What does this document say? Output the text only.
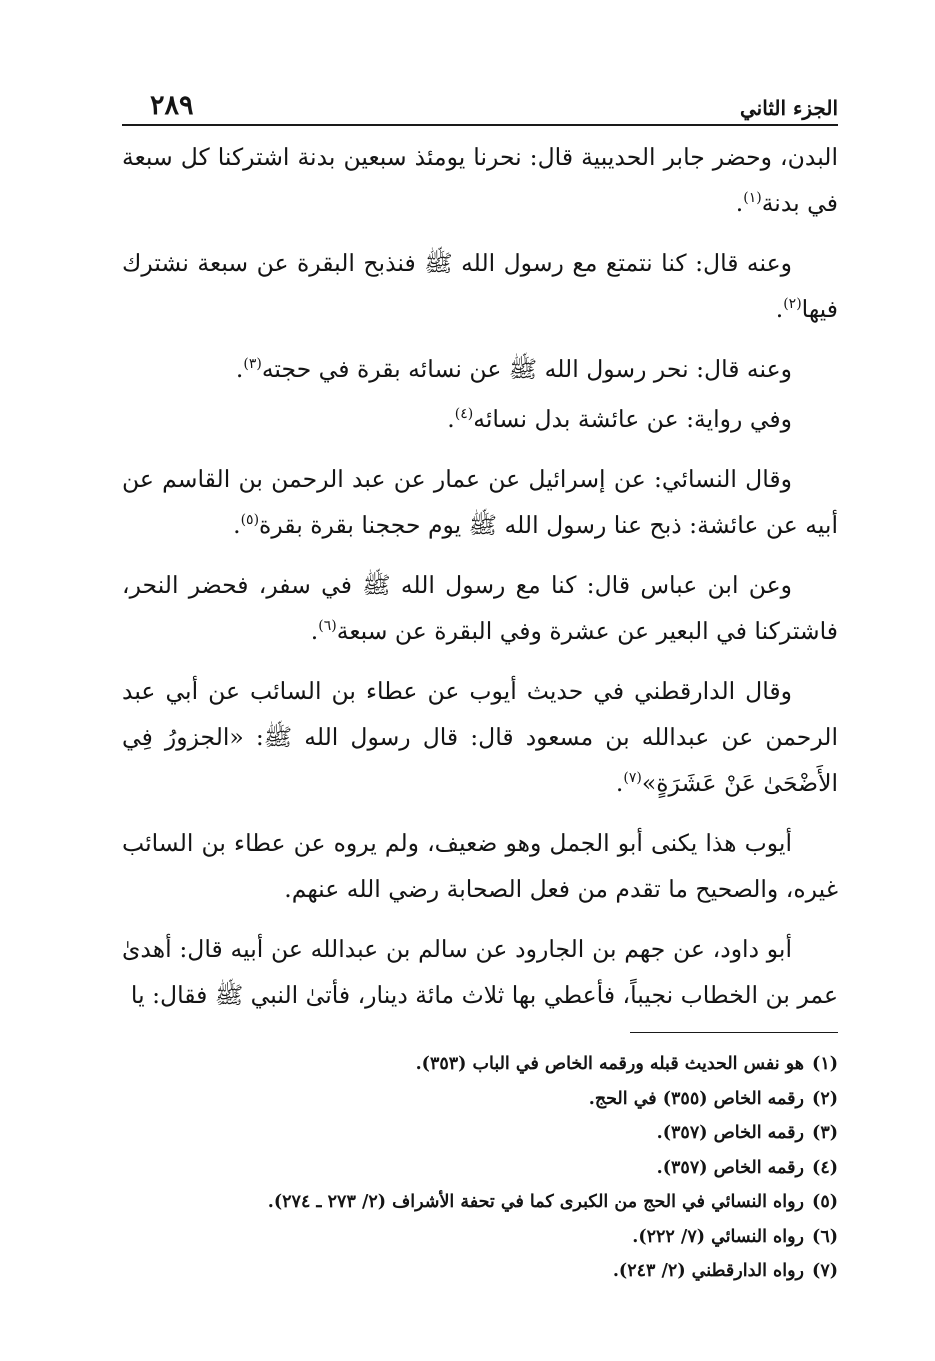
الجزء الثاني
٢٨٩

البدن، وحضر جابر الحديبية قال: نحرنا يومئذ سبعين بدنة اشتركنا كل سبعة في بدنة$^{(١)}$.

وعنه قال: كنا نتمتع مع رسول الله ﷺ فنذبح البقرة عن سبعة نشترك فيها$^{(٢)}$.

وعنه قال: نحر رسول الله ﷺ عن نسائه بقرة في حجته$^{(٣)}$.

وفي رواية: عن عائشة بدل نسائه$^{(٤)}$.

وقال النسائي: عن إسرائيل عن عمار عن عبد الرحمن بن القاسم عن أبيه عن عائشة: ذبح عنا رسول الله ﷺ يوم حججنا بقرة بقرة$^{(٥)}$.

وعن ابن عباس قال: كنا مع رسول الله ﷺ في سفر، فحضر النحر، فاشتركنا في البعير عن عشرة وفي البقرة عن سبعة$^{(٦)}$.

وقال الدارقطني في حديث أيوب عن عطاء بن السائب عن أبي عبد الرحمن عن عبدالله بن مسعود قال: قال رسول الله ﷺ: «الجزورُ فِي الأَضْحَىٰ عَنْ عَشَرَةٍ»$^{(٧)}$.

أيوب هذا يكنى أبو الجمل وهو ضعيف، ولم يروه عن عطاء بن السائب غيره، والصحيح ما تقدم من فعل الصحابة رضي الله عنهم.

أبو داود، عن جهم بن الجارود عن سالم بن عبدالله عن أبيه قال: أهدىٰ عمر بن الخطاب نجيباً، فأعطي بها ثلاث مائة دينار، فأتىٰ النبي ﷺ فقال: يا

(١)هو نفس الحديث قبله ورقمه الخاص في الباب (٣٥٣).
(٢)رقمه الخاص (٣٥٥) في الحج.
(٣)رقمه الخاص (٣٥٧).
(٤)رقمه الخاص (٣٥٧).
(٥)رواه النسائي في الحج من الكبرى كما في تحفة الأشراف (٢/ ٢٧٣ ـ ٢٧٤).
(٦)رواه النسائي (٧/ ٢٢٢).
(٧)رواه الدارقطني (٢/ ٢٤٣).
